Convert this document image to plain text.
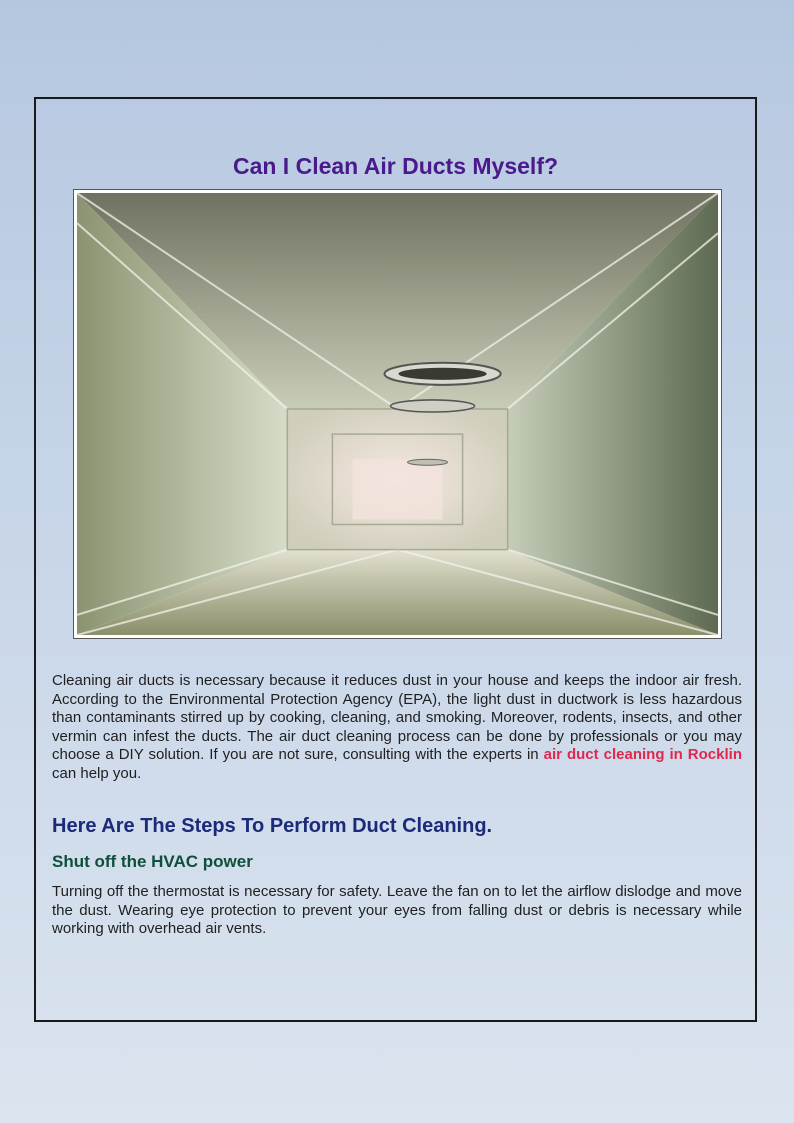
Can I Clean Air Ducts Myself?

Cleaning air ducts is necessary because it reduces dust in your house and keeps the indoor air fresh. According to the Environmental Protection Agency (EPA), the light dust in ductwork is less hazardous than contaminants stirred up by cooking, cleaning, and smoking. Moreover, rodents, insects, and other vermin can infest the ducts. The air duct cleaning process can be done by professionals or you may choose a DIY solution. If you are not sure, consulting with the experts in air duct cleaning in Rocklin can help you.

Here Are The Steps To Perform Duct Cleaning.
Shut off the HVAC power

Turning off the thermostat is necessary for safety. Leave the fan on to let the airflow dislodge and move the dust. Wearing eye protection to prevent your eyes from falling dust or debris is necessary while working with overhead air vents.
